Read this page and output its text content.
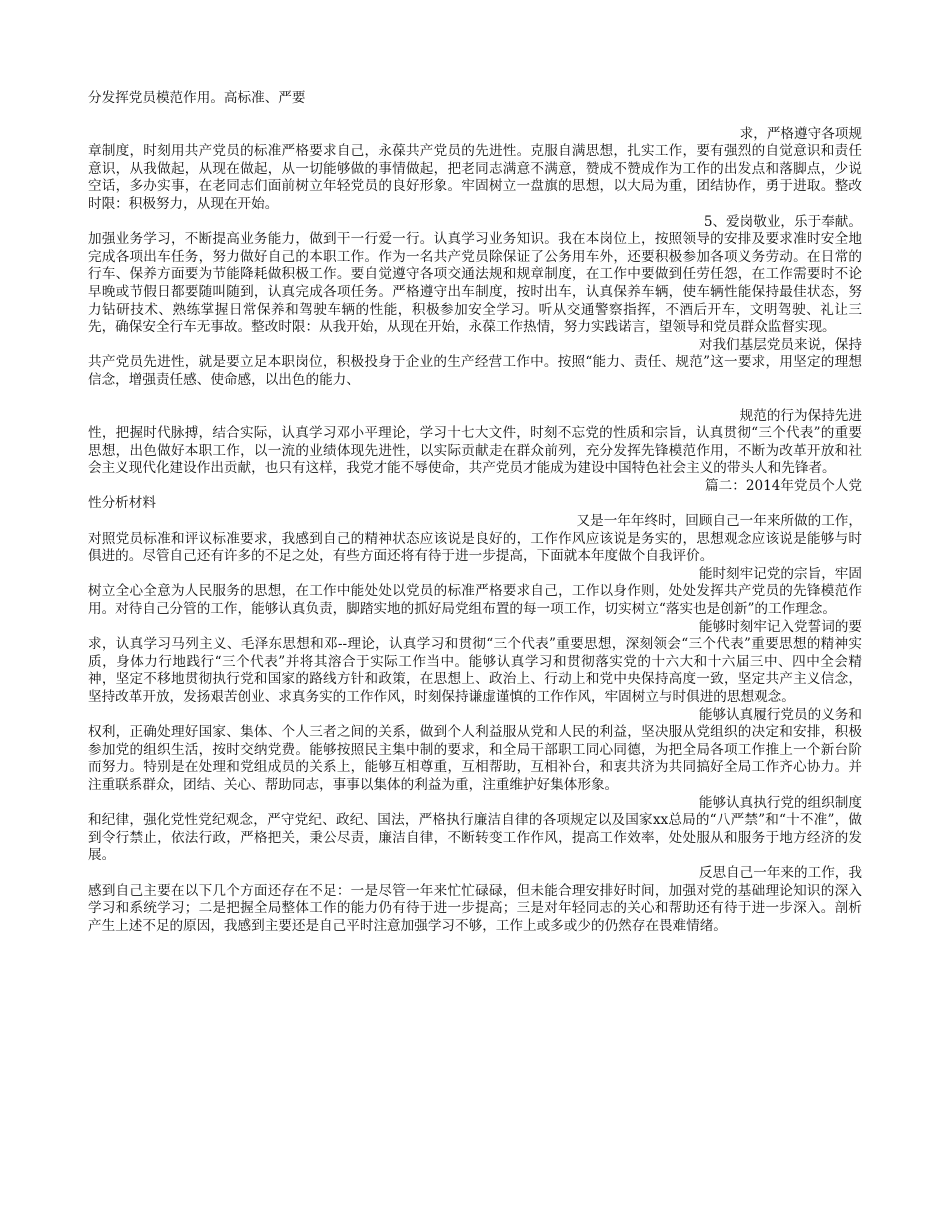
分发挥党员模范作用。高标准、严要

求，严格遵守各项规

章制度，时刻用共产党员的标准严格要求自己，永葆共产党员的先进性。克服自满思想，扎实工作，要有强烈的自觉意识和责任意识，从我做起，从现在做起，从一切能够做的事情做起，把老同志满意不满意，赞成不赞成作为工作的出发点和落脚点，少说空话，多办实事，在老同志们面前树立年轻党员的良好形象。牢固树立一盘旗的思想，以大局为重，团结协作，勇于进取。整改时限：积极努力，从现在开始。

5、爱岗敬业，乐于奉献。

加强业务学习，不断提高业务能力，做到干一行爱一行。认真学习业务知识。我在本岗位上，按照领导的安排及要求准时安全地完成各项出车任务，努力做好自己的本职工作。作为一名共产党员除保证了公务用车外，还要积极参加各项义务劳动。在日常的行车、保养方面要为节能降耗做积极工作。要自觉遵守各项交通法规和规章制度，在工作中要做到任劳任怨，在工作需要时不论早晚或节假日都要随叫随到，认真完成各项任务。严格遵守出车制度，按时出车，认真保养车辆，使车辆性能保持最佳状态，努力钻研技术、熟练掌握日常保养和驾驶车辆的性能，积极参加安全学习。听从交通警察指挥，不酒后开车，文明驾驶、礼让三先，确保安全行车无事故。整改时限：从我开始，从现在开始，永葆工作热情，努力实践诺言，望领导和党员群众监督实现。

对我们基层党员来说，保持

共产党员先进性，就是要立足本职岗位，积极投身于企业的生产经营工作中。按照“能力、责任、规范”这一要求，用坚定的理想信念，增强责任感、使命感，以出色的能力、

规范的行为保持先进

性，把握时代脉搏，结合实际，认真学习邓小平理论，学习十七大文件，时刻不忘党的性质和宗旨，认真贯彻“三个代表”的重要思想，出色做好本职工作，以一流的业绩体现先进性，以实际贡献走在群众前列，充分发挥先锋模范作用，不断为改革开放和社会主义现代化建设作出贡献，也只有这样，我党才能不辱使命，共产党员才能成为建设中国特色社会主义的带头人和先锋者。

篇二：2014年党员个人党

性分析材料

又是一年年终时，回顾自己一年来所做的工作，

对照党员标准和评议标准要求，我感到自己的精神状态应该说是良好的，工作作风应该说是务实的，思想观念应该说是能够与时俱进的。尽管自己还有许多的不足之处，有些方面还将有待于进一步提高，下面就本年度做个自我评价。

能时刻牢记党的宗旨，牢固

树立全心全意为人民服务的思想，在工作中能处处以党员的标准严格要求自己，工作以身作则，处处发挥共产党员的先锋模范作用。对待自己分管的工作，能够认真负责，脚踏实地的抓好局党组布置的每一项工作，切实树立“落实也是创新”的工作理念。

能够时刻牢记入党誓词的要

求，认真学习马列主义、毛泽东思想和邓--理论，认真学习和贯彻“三个代表”重要思想，深刻领会“三个代表”重要思想的精神实质，身体力行地践行“三个代表”并将其溶合于实际工作当中。能够认真学习和贯彻落实党的十六大和十六届三中、四中全会精神，坚定不移地贯彻执行党和国家的路线方针和政策，在思想上、政治上、行动上和党中央保持高度一致，坚定共产主义信念，坚持改革开放，发扬艰苦创业、求真务实的工作作风，时刻保持谦虚谨慎的工作作风，牢固树立与时俱进的思想观念。

能够认真履行党员的义务和

权利，正确处理好国家、集体、个人三者之间的关系，做到个人利益服从党和人民的利益，坚决服从党组织的决定和安排，积极参加党的组织生活，按时交纳党费。能够按照民主集中制的要求，和全局干部职工同心同德，为把全局各项工作推上一个新台阶而努力。特别是在处理和党组成员的关系上，能够互相尊重，互相帮助，互相补台，和衷共济为共同搞好全局工作齐心协力。并注重联系群众，团结、关心、帮助同志，事事以集体的利益为重，注重维护好集体形象。

能够认真执行党的组织制度

和纪律，强化党性党纪观念，严守党纪、政纪、国法，严格执行廉洁自律的各项规定以及国家xx总局的“八严禁”和“十不准”，做到令行禁止，依法行政，严格把关，秉公尽责，廉洁自律，不断转变工作作风，提高工作效率，处处服从和服务于地方经济的发展。

反思自己一年来的工作，我

感到自己主要在以下几个方面还存在不足：一是尽管一年来忙忙碌碌，但未能合理安排好时间，加强对党的基础理论知识的深入学习和系统学习；二是把握全局整体工作的能力仍有待于进一步提高；三是对年轻同志的关心和帮助还有待于进一步深入。剖析产生上述不足的原因，我感到主要还是自己平时注意加强学习不够，工作上或多或少的仍然存在畏难情绪。
